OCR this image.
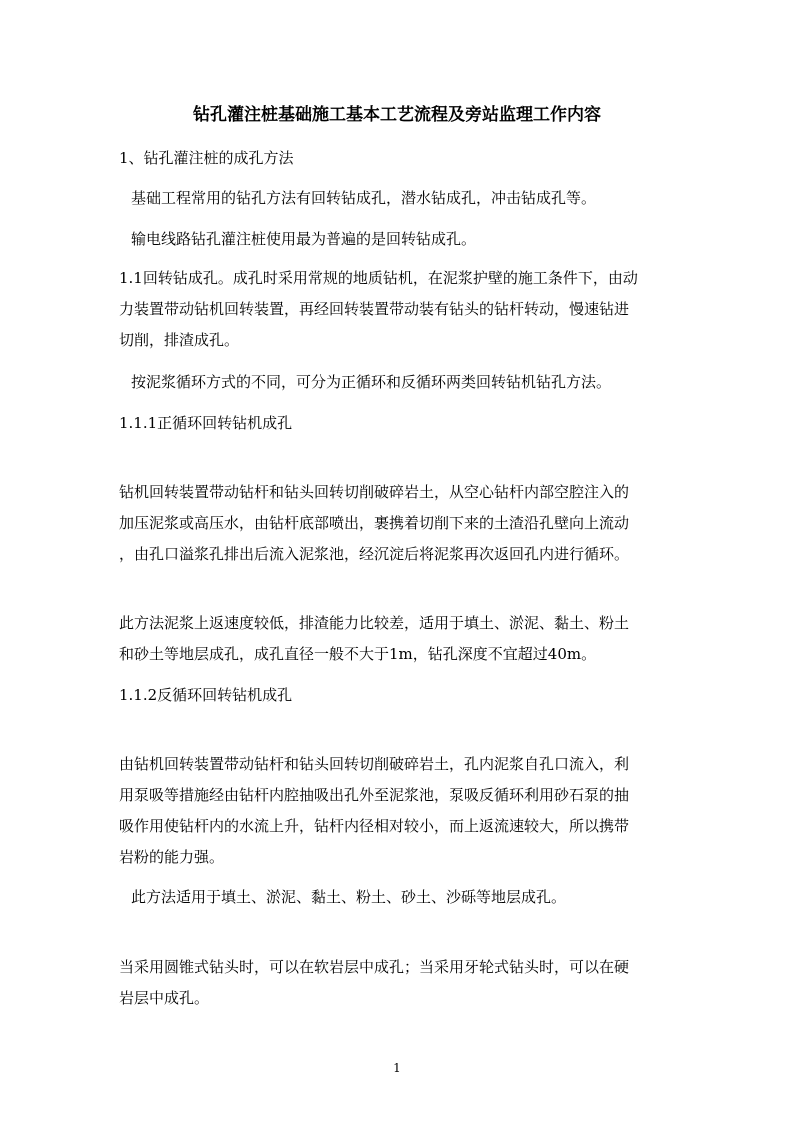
钻孔灌注桩基础施工基本工艺流程及旁站监理工作内容
1、钻孔灌注桩的成孔方法
基础工程常用的钻孔方法有回转钻成孔，潜水钻成孔，冲击钻成孔等。
输电线路钻孔灌注桩使用最为普遍的是回转钻成孔。
1.1回转钻成孔。成孔时采用常规的地质钻机，在泥浆护壁的施工条件下，由动
力装置带动钻机回转装置，再经回转装置带动装有钻头的钻杆转动，慢速钻进
切削，排渣成孔。
按泥浆循环方式的不同，可分为正循环和反循环两类回转钻机钻孔方法。
1.1.1正循环回转钻机成孔
钻机回转装置带动钻杆和钻头回转切削破碎岩土，从空心钻杆内部空腔注入的
加压泥浆或高压水，由钻杆底部喷出，裹携着切削下来的土渣沿孔壁向上流动
，由孔口溢浆孔排出后流入泥浆池，经沉淀后将泥浆再次返回孔内进行循环。
此方法泥浆上返速度较低，排渣能力比较差，适用于填土、淤泥、黏土、粉土
和砂土等地层成孔，成孔直径一般不大于1m，钻孔深度不宜超过40m。
1.1.2反循环回转钻机成孔
由钻机回转装置带动钻杆和钻头回转切削破碎岩土，孔内泥浆自孔口流入，利
用泵吸等措施经由钻杆内腔抽吸出孔外至泥浆池，泵吸反循环利用砂石泵的抽
吸作用使钻杆内的水流上升，钻杆内径相对较小，而上返流速较大，所以携带
岩粉的能力强。
此方法适用于填土、淤泥、黏土、粉土、砂土、沙砾等地层成孔。
当采用圆锥式钻头时，可以在软岩层中成孔；当采用牙轮式钻头时，可以在硬
岩层中成孔。
1
